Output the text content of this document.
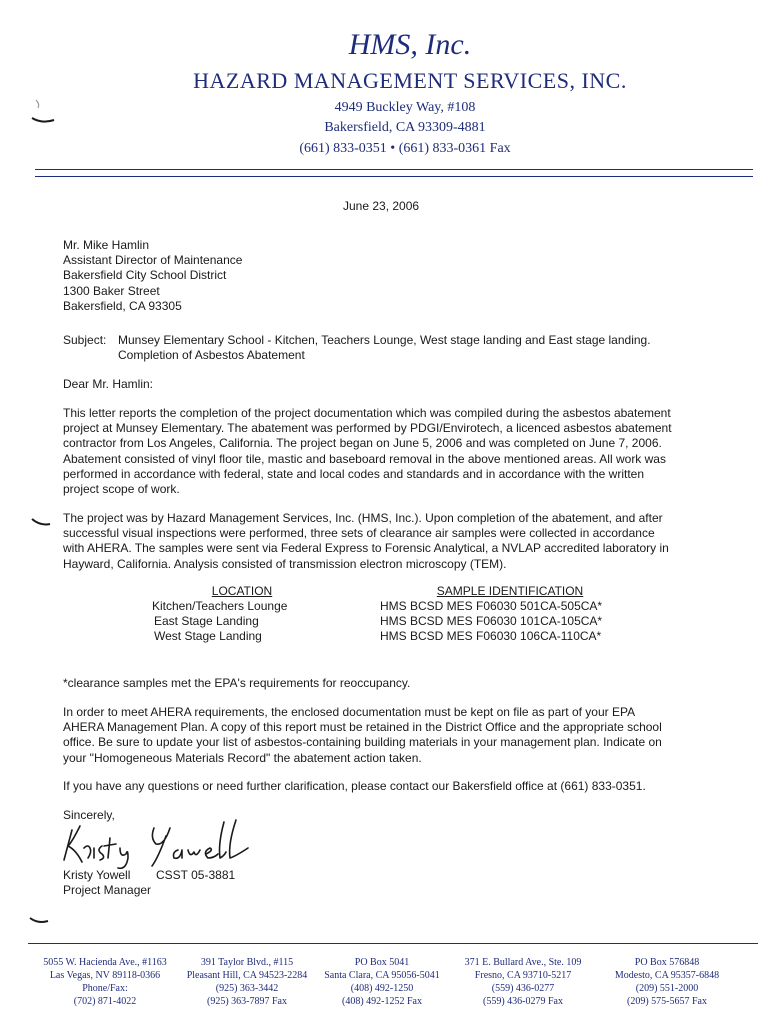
HMS, Inc.
HAZARD MANAGEMENT SERVICES, INC.
4949 Buckley Way, #108
Bakersfield, CA 93309-4881
(661) 833-0351 • (661) 833-0361 Fax
June 23, 2006
Mr. Mike Hamlin
Assistant Director of Maintenance
Bakersfield City School District
1300 Baker Street
Bakersfield, CA 93305
Subject: Munsey Elementary School - Kitchen, Teachers Lounge, West stage landing and East stage landing.
Completion of Asbestos Abatement
Dear Mr. Hamlin:
This letter reports the completion of the project documentation which was compiled during the asbestos abatement
project at Munsey Elementary. The abatement was performed by PDGI/Envirotech, a licenced asbestos abatement
contractor from Los Angeles, California. The project began on June 5, 2006 and was completed on June 7, 2006.
Abatement consisted of vinyl floor tile, mastic and baseboard removal in the above mentioned areas. All work was
performed in accordance with federal, state and local codes and standards and in accordance with the written
project scope of work.
The project was by Hazard Management Services, Inc. (HMS, Inc.). Upon completion of the abatement, and after
successful visual inspections were performed, three sets of clearance air samples were collected in accordance
with AHERA. The samples were sent via Federal Express to Forensic Analytical, a NVLAP accredited laboratory in
Hayward, California. Analysis consisted of transmission electron microscopy (TEM).
LOCATION	SAMPLE IDENTIFICATION
Kitchen/Teachers Lounge	HMS BCSD MES F06030 501CA-505CA*
East Stage Landing	HMS BCSD MES F06030 101CA-105CA*
West Stage Landing	HMS BCSD MES F06030 106CA-110CA*
*clearance samples met the EPA's requirements for reoccupancy.
In order to meet AHERA requirements, the enclosed documentation must be kept on file as part of your EPA
AHERA Management Plan. A copy of this report must be retained in the District Office and the appropriate school
office. Be sure to update your list of asbestos-containing building materials in your management plan. Indicate on
your "Homogeneous Materials Record" the abatement action taken.
If you have any questions or need further clarification, please contact our Bakersfield office at (661) 833-0351.
Sincerely,
Kristy Yowell CSST 05-3881
Project Manager
5055 W. Hacienda Ave., #1163
Las Vegas, NV 89118-0366
Phone/Fax:
(702) 871-4022
391 Taylor Blvd., #115
Pleasant Hill, CA 94523-2284
(925) 363-3442
(925) 363-7897 Fax
PO Box 5041
Santa Clara, CA 95056-5041
(408) 492-1250
(408) 492-1252 Fax
371 E. Bullard Ave., Ste. 109
Fresno, CA 93710-5217
(559) 436-0277
(559) 436-0279 Fax
PO Box 576848
Modesto, CA 95357-6848
(209) 551-2000
(209) 575-5657 Fax
